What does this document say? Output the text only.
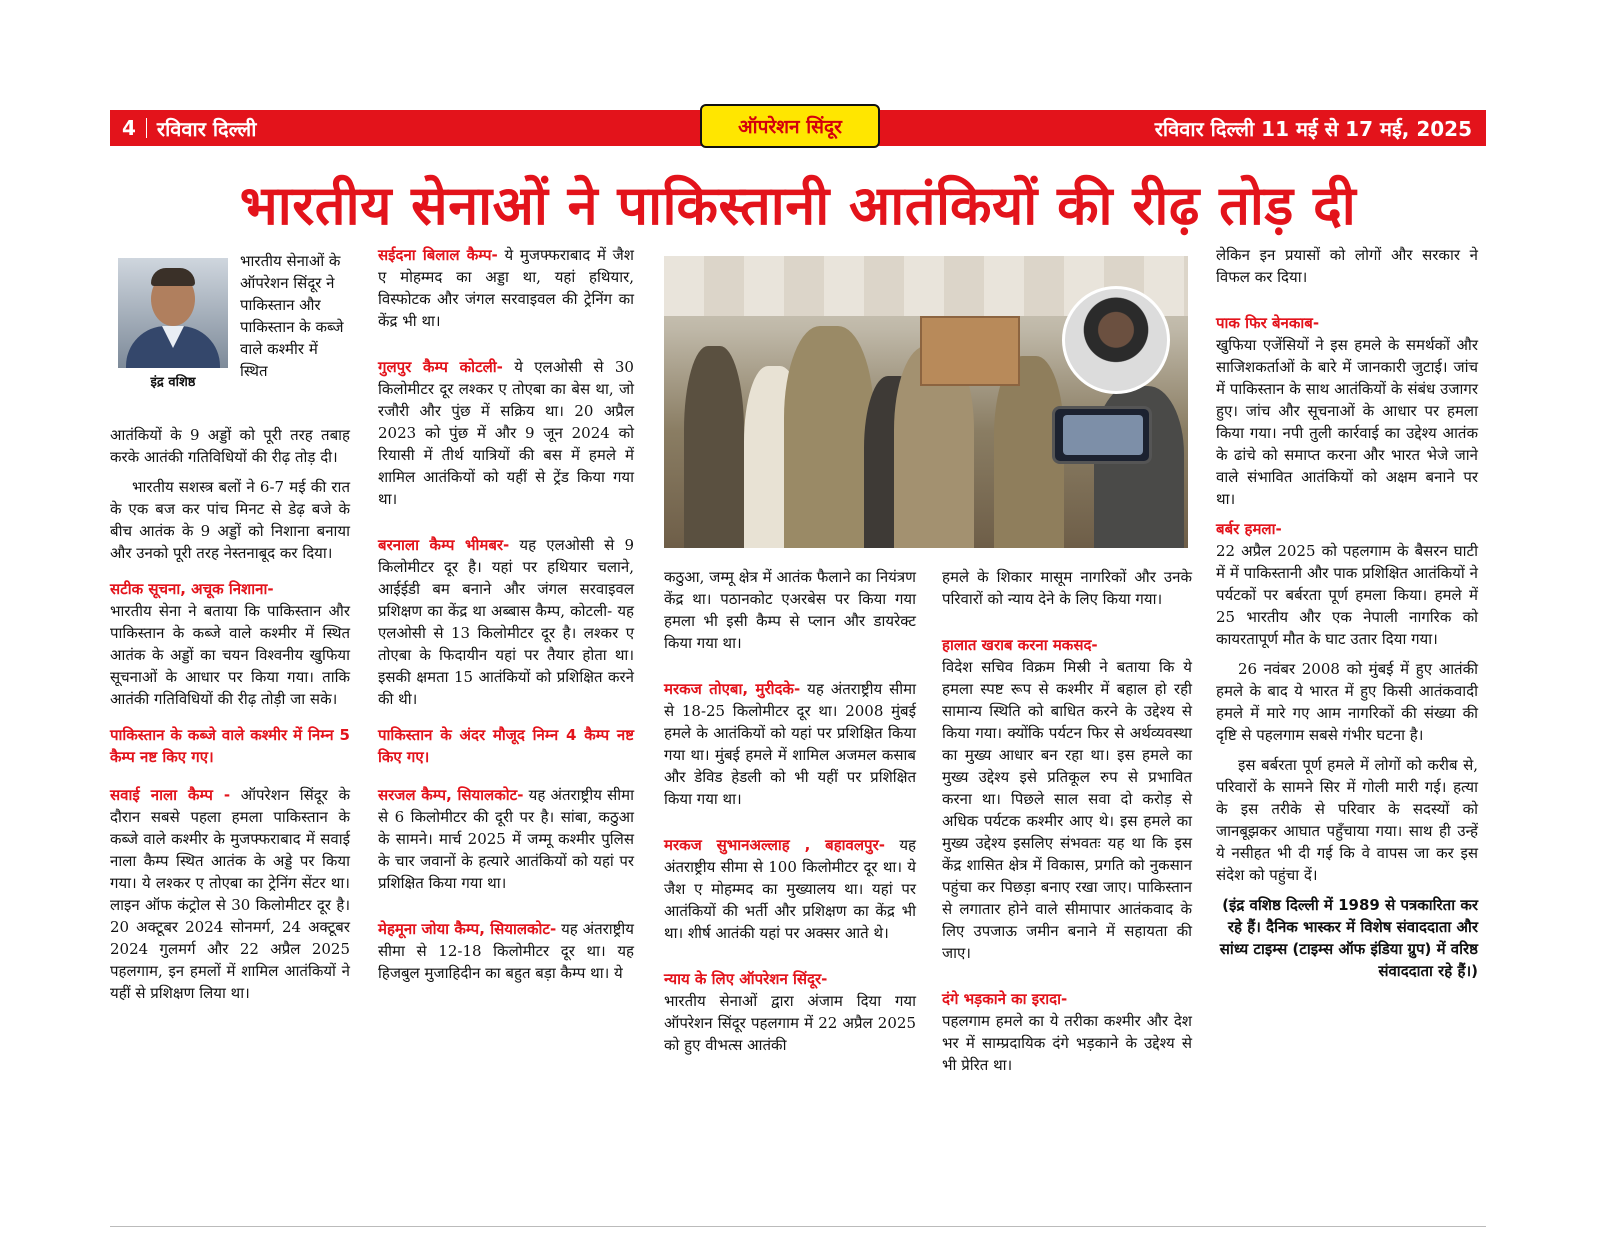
4 रविवार दिल्ली	रविवार दिल्ली 11 मई से 17 मई, 2025
ऑपरेशन सिंदूर
भारतीय सेनाओं ने पाकिस्तानी आतंकियों की रीढ़ तोड़ दी
इंद्र वशिष्ठ

भारतीय सेनाओं के ऑपरेशन सिंदूर ने पाकिस्तान और पाकिस्तान के कब्जे वाले कश्मीर में स्थित

आतंकियों के 9 अड्डों को पूरी तरह तबाह करके आतंकी गतिविधियों की रीढ़ तोड़ दी।

भारतीय सशस्त्र बलों ने 6-7 मई की रात के एक बज कर पांच मिनट से डेढ़ बजे के बीच आतंक के 9 अड्डों को निशाना बनाया और उनको पूरी तरह नेस्तनाबूद कर दिया।

सटीक सूचना, अचूक निशाना-

भारतीय सेना ने बताया कि पाकिस्तान और पाकिस्तान के कब्जे वाले कश्मीर में स्थित आतंक के अड्डों का चयन विश्वनीय खुफिया सूचनाओं के आधार पर किया गया। ताकि आतंकी गतिविधियों की रीढ़ तोड़ी जा सके।

पाकिस्तान के कब्जे वाले कश्मीर में निम्न 5 कैम्प नष्ट किए गए।

सवाई नाला कैम्प - ऑपरेशन सिंदूर के दौरान सबसे पहला हमला पाकिस्तान के कब्जे वाले कश्मीर के मुजफ्फराबाद में सवाई नाला कैम्प स्थित आतंक के अड्डे पर किया गया। ये लश्कर ए तोएबा का ट्रेनिंग सेंटर था। लाइन ऑफ कंट्रोल से 30 किलोमीटर दूर है। 20 अक्टूबर 2024 सोनमर्ग, 24 अक्टूबर 2024 गुलमर्ग और 22 अप्रैल 2025 पहलगाम, इन हमलों में शामिल आतंकियों ने यहीं से प्रशिक्षण लिया था।

सईदना बिलाल कैम्प- ये मुजफ्फराबाद में जैश ए मोहम्मद का अड्डा था, यहां हथियार, विस्फोटक और जंगल सरवाइवल की ट्रेनिंग का केंद्र भी था।

गुलपुर कैम्प कोटली- ये एलओसी से 30 किलोमीटर दूर लश्कर ए तोएबा का बेस था, जो रजौरी और पुंछ में सक्रिय था। 20 अप्रैल 2023 को पुंछ में और 9 जून 2024 को रियासी में तीर्थ यात्रियों की बस में हमले में शामिल आतंकियों को यहीं से ट्रेंड किया गया था।

बरनाला कैम्प भीमबर- यह एलओसी से 9 किलोमीटर दूर है। यहां पर हथियार चलाने, आईईडी बम बनाने और जंगल सरवाइवल प्रशिक्षण का केंद्र था अब्बास कैम्प, कोटली- यह एलओसी से 13 किलोमीटर दूर है। लश्कर ए तोएबा के फिदायीन यहां पर तैयार होता था। इसकी क्षमता 15 आतंकियों को प्रशिक्षित करने की थी।

पाकिस्तान के अंदर मौजूद निम्न 4 कैम्प नष्ट किए गए।

सरजल कैम्प, सियालकोट- यह अंतराष्ट्रीय सीमा से 6 किलोमीटर की दूरी पर है। सांबा, कठुआ के सामने। मार्च 2025 में जम्मू कश्मीर पुलिस के चार जवानों के हत्यारे आतंकियों को यहां पर प्रशिक्षित किया गया था।

मेहमूना जोया कैम्प, सियालकोट- यह अंतराष्ट्रीय सीमा से 12-18 किलोमीटर दूर था। यह हिजबुल मुजाहिदीन का बहुत बड़ा कैम्प था। ये

कठुआ, जम्मू क्षेत्र में आतंक फैलाने का नियंत्रण केंद्र था। पठानकोट एअरबेस पर किया गया हमला भी इसी कैम्प से प्लान और डायरेक्ट किया गया था।

मरकज तोएबा, मुरीदके- यह अंतराष्ट्रीय सीमा से 18-25 किलोमीटर दूर था। 2008 मुंबई हमले के आतंकियों को यहां पर प्रशिक्षित किया गया था। मुंबई हमले में शामिल अजमल कसाब और डेविड हेडली को भी यहीं पर प्रशिक्षित किया गया था।

मरकज सुभानअल्लाह , बहावलपुर- यह अंतराष्ट्रीय सीमा से 100 किलोमीटर दूर था। ये जैश ए मोहम्मद का मुख्यालय था। यहां पर आतंकियों की भर्ती और प्रशिक्षण का केंद्र भी था। शीर्ष आतंकी यहां पर अक्सर आते थे।

न्याय के लिए ऑपरेशन सिंदूर-

भारतीय सेनाओं द्वारा अंजाम दिया गया ऑपरेशन सिंदूर पहलगाम में 22 अप्रैल 2025 को हुए वीभत्स आतंकी

हमले के शिकार मासूम नागरिकों और उनके परिवारों को न्याय देने के लिए किया गया।

हालात खराब करना मकसद-

विदेश सचिव विक्रम मिस्री ने बताया कि ये हमला स्पष्ट रूप से कश्मीर में बहाल हो रही सामान्य स्थिति को बाधित करने के उद्देश्य से किया गया। क्योंकि पर्यटन फिर से अर्थव्यवस्था का मुख्य आधार बन रहा था। इस हमले का मुख्य उद्देश्य इसे प्रतिकूल रुप से प्रभावित करना था। पिछले साल सवा दो करोड़ से अधिक पर्यटक कश्मीर आए थे। इस हमले का मुख्य उद्देश्य इसलिए संभवतः यह था कि इस केंद्र शासित क्षेत्र में विकास, प्रगति को नुकसान पहुंचा कर पिछड़ा बनाए रखा जाए। पाकिस्तान से लगातार होने वाले सीमापार आतंकवाद के लिए उपजाऊ जमीन बनाने में सहायता की जाए।

दंगे भड़काने का इरादा-

पहलगाम हमले का ये तरीका कश्मीर और देश भर में साम्प्रदायिक दंगे भड़काने के उद्देश्य से भी प्रेरित था।

लेकिन इन प्रयासों को लोगों और सरकार ने विफल कर दिया।

पाक फिर बेनकाब-

खुफिया एजेंसियों ने इस हमले के समर्थकों और साजिशकर्ताओं के बारे में जानकारी जुटाई। जांच में पाकिस्तान के साथ आतंकियों के संबंध उजागर हुए। जांच और सूचनाओं के आधार पर हमला किया गया। नपी तुली कार्रवाई का उद्देश्य आतंक के ढांचे को समाप्त करना और भारत भेजे जाने वाले संभावित आतंकियों को अक्षम बनाने पर था।

बर्बर हमला-

22 अप्रैल 2025 को पहलगाम के बैसरन घाटी में में पाकिस्तानी और पाक प्रशिक्षित आतंकियों ने पर्यटकों पर बर्बरता पूर्ण हमला किया। हमले में 25 भारतीय और एक नेपाली नागरिक को कायरतापूर्ण मौत के घाट उतार दिया गया।

26 नवंबर 2008 को मुंबई में हुए आतंकी हमले के बाद ये भारत में हुए किसी आतंकवादी हमले में मारे गए आम नागरिकों की संख्या की दृष्टि से पहलगाम सबसे गंभीर घटना है।

इस बर्बरता पूर्ण हमले में लोगों को करीब से, परिवारों के सामने सिर में गोली मारी गई। हत्या के इस तरीके से परिवार के सदस्यों को जानबूझकर आघात पहुँचाया गया। साथ ही उन्हें ये नसीहत भी दी गई कि वे वापस जा कर इस संदेश को पहुंचा दें।

(इंद्र वशिष्ठ दिल्ली में 1989 से पत्रकारिता कर रहे हैं। दैनिक भास्कर में विशेष संवाददाता और सांध्य टाइम्स (टाइम्स ऑफ इंडिया ग्रुप) में वरिष्ठ संवाददाता रहे हैं।)
